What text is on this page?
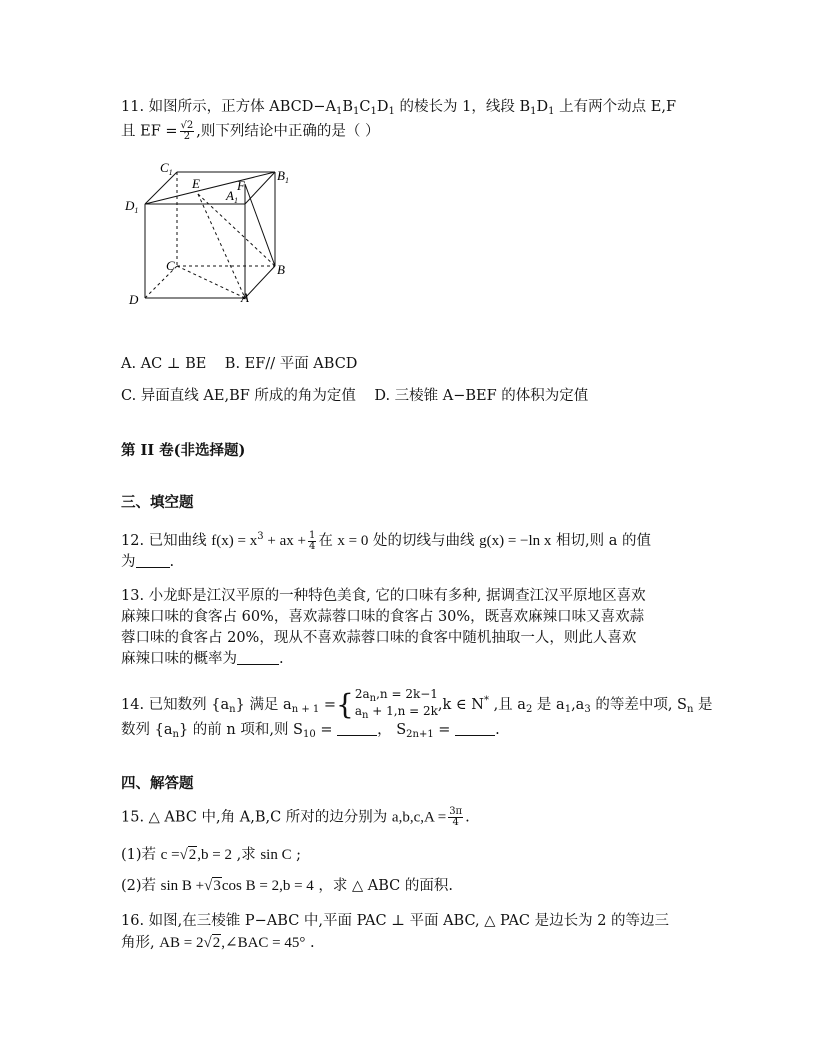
11. 如图所示，正方体 $ABCD-A_1B_1C_1D_1$ 的棱长为 1，线段 $B_1D_1$ 上有两个动点 E,F
且 EF = $\frac{√2}{2}$ ,则下列结论中正确的是（ ）
$C_1$	$B_1$
$D_1$
E
$A_1$
F
C	B
D	A
A. AC ⊥ BE B. EF// 平面 ABCD
C. 异面直线 AE,BF 所成的角为定值 D. 三棱锥 A−BEF 的体积为定值
第 II 卷(非选择题)
三、填空题
12. 已知曲线 $f(x) = x^3$ + ax + $\frac{1}{4}$ 在 x = 0 处的切线与曲线 g(x) = −ln x 相切,则 a 的值
为 .
13. 小龙虾是江汉平原的一种特色美食, 它的口味有多种, 据调查江汉平原地区喜欢
麻辣口味的食客占 60%，喜欢蒜蓉口味的食客占 30%，既喜欢麻辣口味又喜欢蒜
蓉口味的食客占 20%，现从不喜欢蒜蓉口味的食客中随机抽取一人，则此人喜欢
麻辣口味的概率为	.
14. 已知数列 $\{a_n\}$ 满足 $a_{n + 1}$ = { $2a_n,n = 2k-1$
$a_n + 1,n = 2k$ ,k ∈ N* ,且 $a_2$ 是 $a_1,a_3$ 的等差中项, $S_n$ 是
数列 $\{a_n\}$ 的前 n 项和,则 $S_{10}$ =	， $S_{2n+1}$ =	.
四、解答题
15. △ ABC 中,角 A,B,C 所对的边分别为 $a,b,c,A = \frac{3\pi}{4}$ .
(1)若 c =√2,b = 2 ,求 sin C ;
(2)若 sin B +√3cos B = 2,b = 4 ，求 △ ABC 的面积.
16. 如图,在三棱锥 P−ABC 中,平面 PAC ⊥ 平面 ABC, △ PAC 是边长为 2 的等边三
角形, AB = 2√2,∠BAC = 45° .
